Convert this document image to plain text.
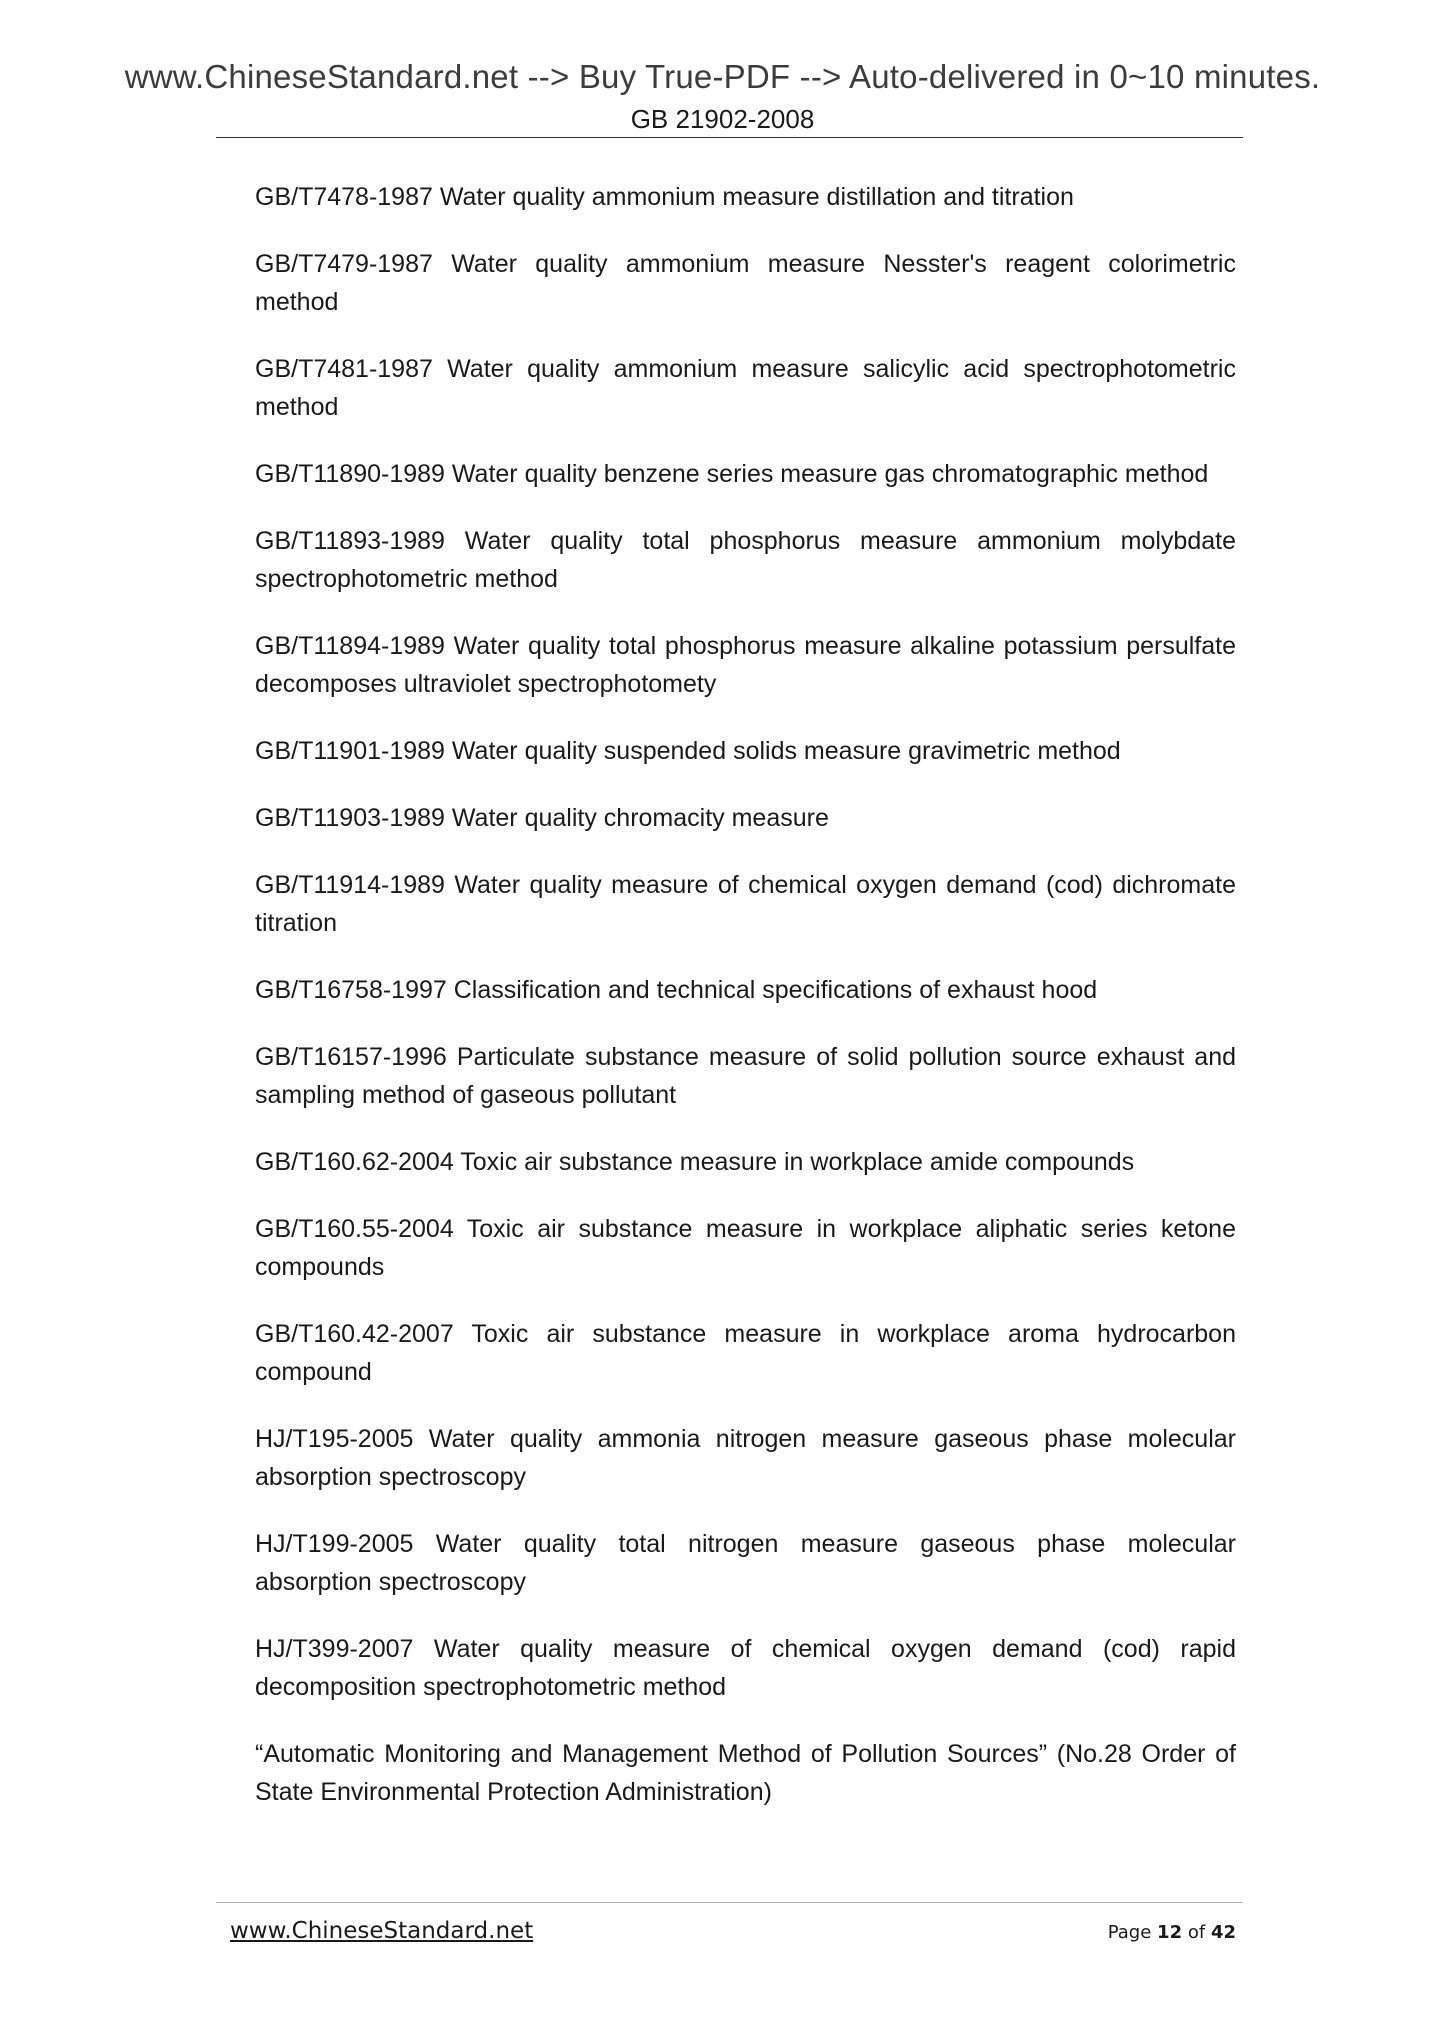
www.ChineseStandard.net --> Buy True-PDF --> Auto-delivered in 0~10 minutes.
GB 21902-2008
GB/T7478-1987 Water quality ammonium measure distillation and titration
GB/T7479-1987 Water quality ammonium measure Nesster's reagent colorimetric method
GB/T7481-1987 Water quality ammonium measure salicylic acid spectrophotometric method
GB/T11890-1989 Water quality benzene series measure gas chromatographic method
GB/T11893-1989 Water quality total phosphorus measure ammonium molybdate spectrophotometric method
GB/T11894-1989 Water quality total phosphorus measure alkaline potassium persulfate decomposes ultraviolet spectrophotomety
GB/T11901-1989 Water quality suspended solids measure gravimetric method
GB/T11903-1989 Water quality chromacity measure
GB/T11914-1989 Water quality measure of chemical oxygen demand (cod) dichromate titration
GB/T16758-1997 Classification and technical specifications of exhaust hood
GB/T16157-1996 Particulate substance measure of solid pollution source exhaust and sampling method of gaseous pollutant
GB/T160.62-2004 Toxic air substance measure in workplace amide compounds
GB/T160.55-2004 Toxic air substance measure in workplace aliphatic series ketone compounds
GB/T160.42-2007 Toxic air substance measure in workplace aroma hydrocarbon compound
HJ/T195-2005 Water quality ammonia nitrogen measure gaseous phase molecular absorption spectroscopy
HJ/T199-2005 Water quality total nitrogen measure gaseous phase molecular absorption spectroscopy
HJ/T399-2007 Water quality measure of chemical oxygen demand (cod) rapid decomposition spectrophotometric method
“Automatic Monitoring and Management Method of Pollution Sources” (No.28 Order of State Environmental Protection Administration)
www.ChineseStandard.net	Page 12 of 42
